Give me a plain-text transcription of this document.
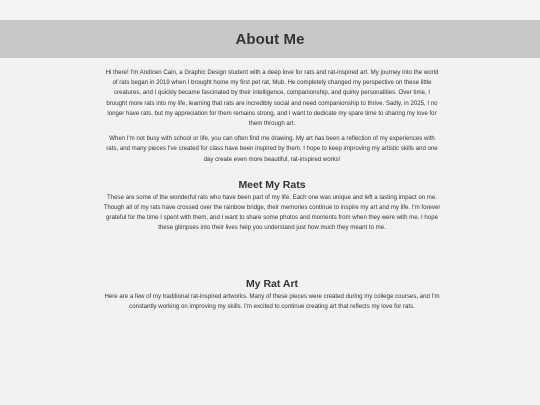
About Me

Hi there! I'm Andicen Cain, a Graphic Design student with a deep love for rats and rat-inspired art. My journey into the world of rats began in 2019 when I brought home my first pet rat, Mub. He completely changed my perspective on these little creatures, and I quickly became fascinated by their intelligence, companionship, and quirky personalities. Over time, I brought more rats into my life, learning that rats are incredibly social and need companionship to thrive. Sadly, in 2025, I no longer have rats, but my appreciation for them remains strong, and I want to dedicate my spare time to sharing my love for them through art.

When I'm not busy with school or life, you can often find me drawing. My art has been a reflection of my experiences with rats, and many pieces I've created for class have been inspired by them. I hope to keep improving my artistic skills and one day create even more beautiful, rat-inspired works!

Meet My Rats

These are some of the wonderful rats who have been part of my life. Each one was unique and left a lasting impact on me. Though all of my rats have crossed over the rainbow bridge, their memories continue to inspire my art and my life. I'm forever grateful for the time I spent with them, and I want to share some photos and moments from when they were with me. I hope these glimpses into their lives help you understand just how much they meant to me.

My Rat Art

Here are a few of my traditional rat-inspired artworks. Many of these pieces were created during my college courses, and I'm constantly working on improving my skills. I'm excited to continue creating art that reflects my love for rats.
